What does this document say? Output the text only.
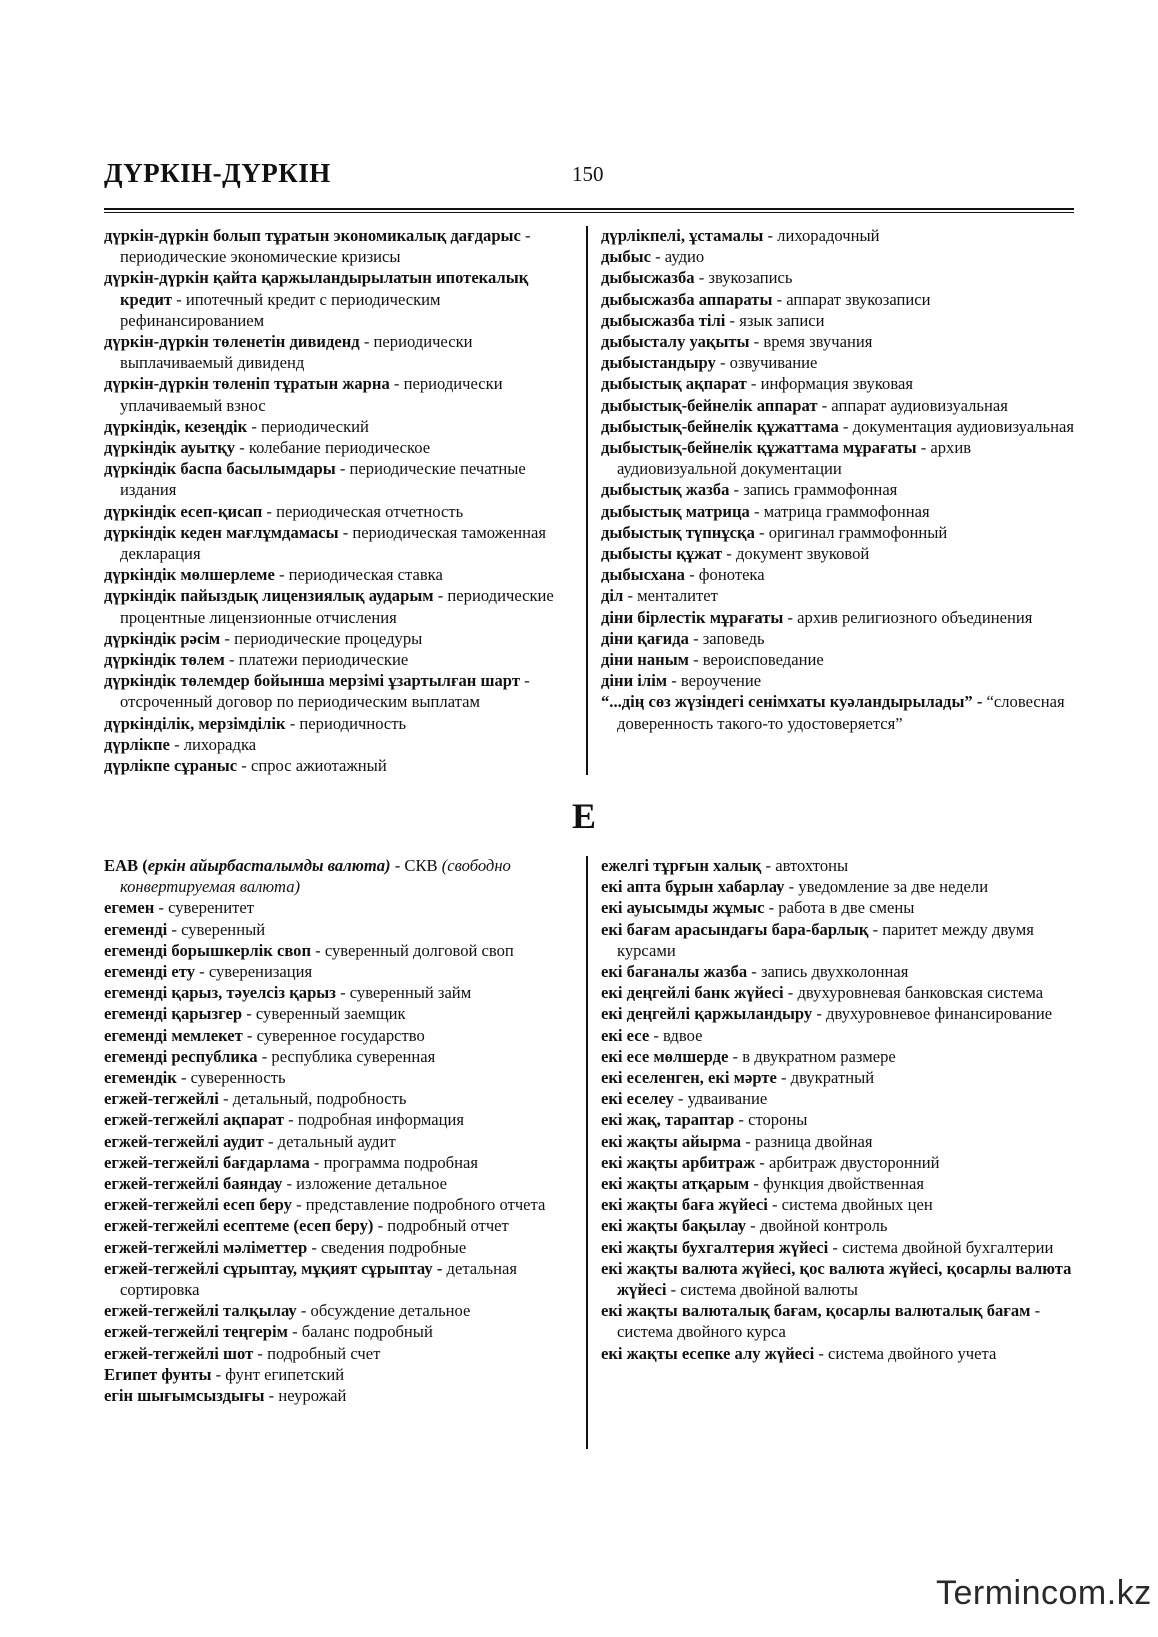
ДҮРКІН-ДҮРКІН	150

дүркін-дүркін болып тұратын экономикалық дағдарыс - периодические экономические кризисы

дүркін-дүркін қайта қаржыландырылатын ипотекалық кредит - ипотечный кредит с периодическим рефинансированием

дүркін-дүркін төленетін дивиденд - периодически выплачиваемый дивиденд

дүркін-дүркін төленіп тұратын жарна - периодически уплачиваемый взнос

дүркіндік, кезеңдік - периодический

дүркіндік ауытқу - колебание периодическое

дүркіндік баспа басылымдары - периодические печатные издания

дүркіндік есеп-қисап - периодическая отчетность

дүркіндік кеден мағлұмдамасы - периодическая таможенная декларация

дүркіндік мөлшерлеме - периодическая ставка

дүркіндік пайыздық лицензиялық аударым - периодические процентные лицензионные отчисления

дүркіндік рәсім - периодические процедуры

дүркіндік төлем - платежи периодические

дүркіндік төлемдер бойынша мерзімі ұзартылған шарт - отсроченный договор по периодическим выплатам

дүркінділік, мерзімділік - периодичность

дүрлікпе - лихорадка

дүрлікпе сұраныс - спрос ажиотажный

дүрлікпелі, ұстамалы - лихорадочный

дыбыс - аудио

дыбысжазба - звукозапись

дыбысжазба аппараты - аппарат звукозаписи

дыбысжазба тілі - язык записи

дыбысталу уақыты - время звучания

дыбыстандыру - озвучивание

дыбыстық ақпарат - информация звуковая

дыбыстық-бейнелік аппарат - аппарат аудиовизуальная

дыбыстық-бейнелік құжаттама - документация аудиовизуальная

дыбыстық-бейнелік құжаттама мұрағаты - архив аудиовизуальной документации

дыбыстық жазба - запись граммофонная

дыбыстық матрица - матрица граммофонная

дыбыстық түпнұсқа - оригинал граммофонный

дыбысты құжат - документ звуковой

дыбысхана - фонотека

діл - менталитет

діни бірлестік мұрағаты - архив религиозного объединения

діни қағида - заповедь

діни наным - вероисповедание

діни ілім - вероучение

“...дің сөз жүзіндегі сенімхаты куәландырылады” - “словесная доверенность такого-то удостоверяется”

Е

ЕАВ (еркін айырбасталымды валюта) - СКВ (свободно конвертируемая валюта)

егемен - суверенитет

егеменді - суверенный

егеменді борышкерлік своп - суверенный долговой своп

егеменді ету - суверенизация

егеменді қарыз, тәуелсіз қарыз - суверенный займ

егеменді қарызгер - суверенный заемщик

егеменді мемлекет - суверенное государство

егеменді республика - республика суверенная

егемендік - суверенность

егжей-тегжейлі - детальный, подробность

егжей-тегжейлі ақпарат - подробная информация

егжей-тегжейлі аудит - детальный аудит

егжей-тегжейлі бағдарлама - программа подробная

егжей-тегжейлі баяндау - изложение детальное

егжей-тегжейлі есеп беру - представление подробного отчета

егжей-тегжейлі есептеме (есеп беру) - подробный отчет

егжей-тегжейлі мәліметтер - сведения подробные

егжей-тегжейлі сұрыптау, мұқият сұрыптау - детальная сортировка

егжей-тегжейлі талқылау - обсуждение детальное

егжей-тегжейлі теңгерім - баланс подробный

егжей-тегжейлі шот - подробный счет

Египет фунты - фунт египетский

егін шығымсыздығы - неурожай

ежелгі тұрғын халық - автохтоны

екі апта бұрын хабарлау - уведомление за две недели

екі ауысымды жұмыс - работа в две смены

екі бағам арасындағы бара-барлық - паритет между двумя курсами

екі бағаналы жазба - запись двухколонная

екі деңгейлі банк жүйесі - двухуровневая банковская система

екі деңгейлі қаржыландыру - двухуровневое финансирование

екі есе - вдвое

екі есе мөлшерде - в двукратном размере

екі еселенген, екі мәрте - двукратный

екі еселеу - удваивание

екі жақ, тараптар - стороны

екі жақты айырма - разница двойная

екі жақты арбитраж - арбитраж двусторонний

екі жақты атқарым - функция двойственная

екі жақты баға жүйесі - система двойных цен

екі жақты бақылау - двойной контроль

екі жақты бухгалтерия жүйесі - система двойной бухгалтерии

екі жақты валюта жүйесі, қос валюта жүйесі, қосарлы валюта жүйесі - система двойной валюты

екі жақты валюталық бағам, қосарлы валюталық бағам - система двойного курса

екі жақты есепке алу жүйесі - система двойного учета

Termincom.kz
